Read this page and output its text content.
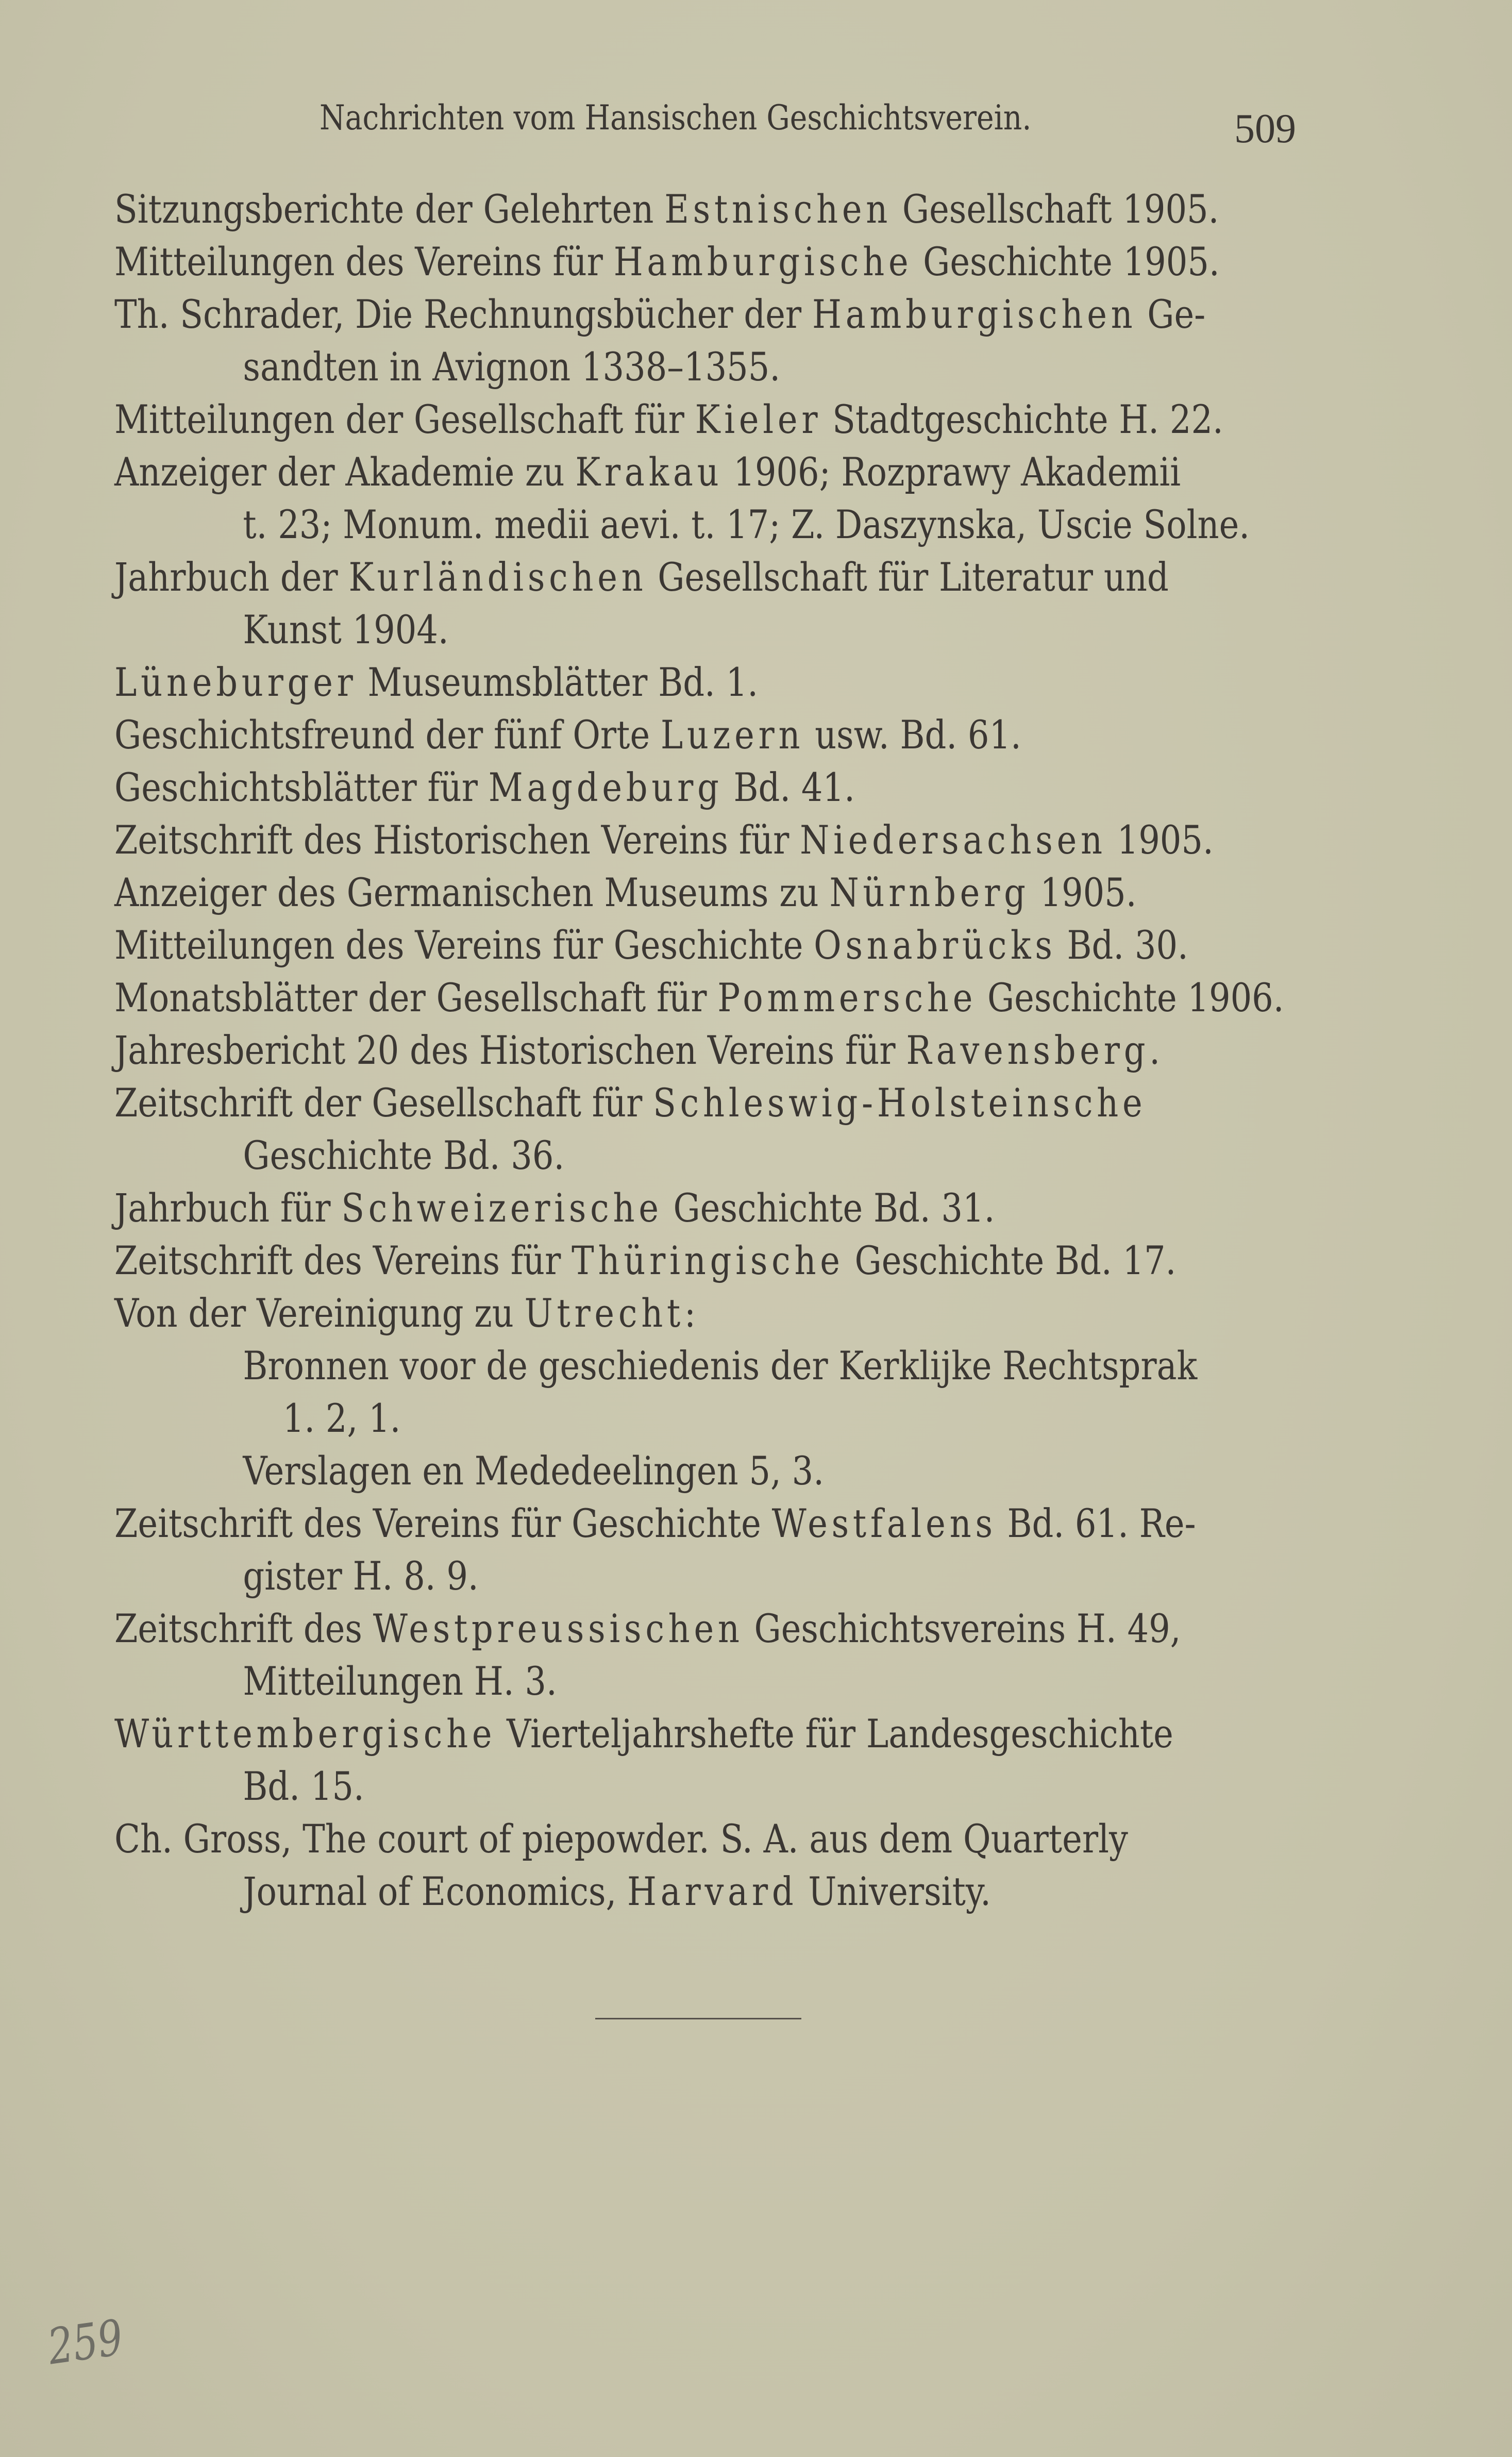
Nachrichten vom Hansischen Geschichtsverein.	509
Sitzungsberichte der Gelehrten Estnischen Gesellschaft 1905.
Mitteilungen des Vereins für Hamburgische Geschichte 1905.
Th. Schrader, Die Rechnungsbücher der Hamburgischen Ge-
sandten in Avignon 1338–1355.
Mitteilungen der Gesellschaft für Kieler Stadtgeschichte H. 22.
Anzeiger der Akademie zu Krakau 1906; Rozprawy Akademii
t. 23; Monum. medii aevi. t. 17; Z. Daszynska, Uscie Solne.
Jahrbuch der Kurländischen Gesellschaft für Literatur und
Kunst 1904.
Lüneburger Museumsblätter Bd. 1.
Geschichtsfreund der fünf Orte Luzern usw. Bd. 61.
Geschichtsblätter für Magdeburg Bd. 41.
Zeitschrift des Historischen Vereins für Niedersachsen 1905.
Anzeiger des Germanischen Museums zu Nürnberg 1905.
Mitteilungen des Vereins für Geschichte Osnabrücks Bd. 30.
Monatsblätter der Gesellschaft für Pommersche Geschichte 1906.
Jahresbericht 20 des Historischen Vereins für Ravensberg.
Zeitschrift der Gesellschaft für Schleswig-Holsteinsche
Geschichte Bd. 36.
Jahrbuch für Schweizerische Geschichte Bd. 31.
Zeitschrift des Vereins für Thüringische Geschichte Bd. 17.
Von der Vereinigung zu Utrecht:
Bronnen voor de geschiedenis der Kerklijke Rechtsprak
1. 2, 1.
Verslagen en Mededeelingen 5, 3.
Zeitschrift des Vereins für Geschichte Westfalens Bd. 61. Re-
gister H. 8. 9.
Zeitschrift des Westpreussischen Geschichtsvereins H. 49,
Mitteilungen H. 3.
Württembergische Vierteljahrshefte für Landesgeschichte
Bd. 15.
Ch. Gross, The court of piepowder. S. A. aus dem Quarterly
Journal of Economics, Harvard University.
259
